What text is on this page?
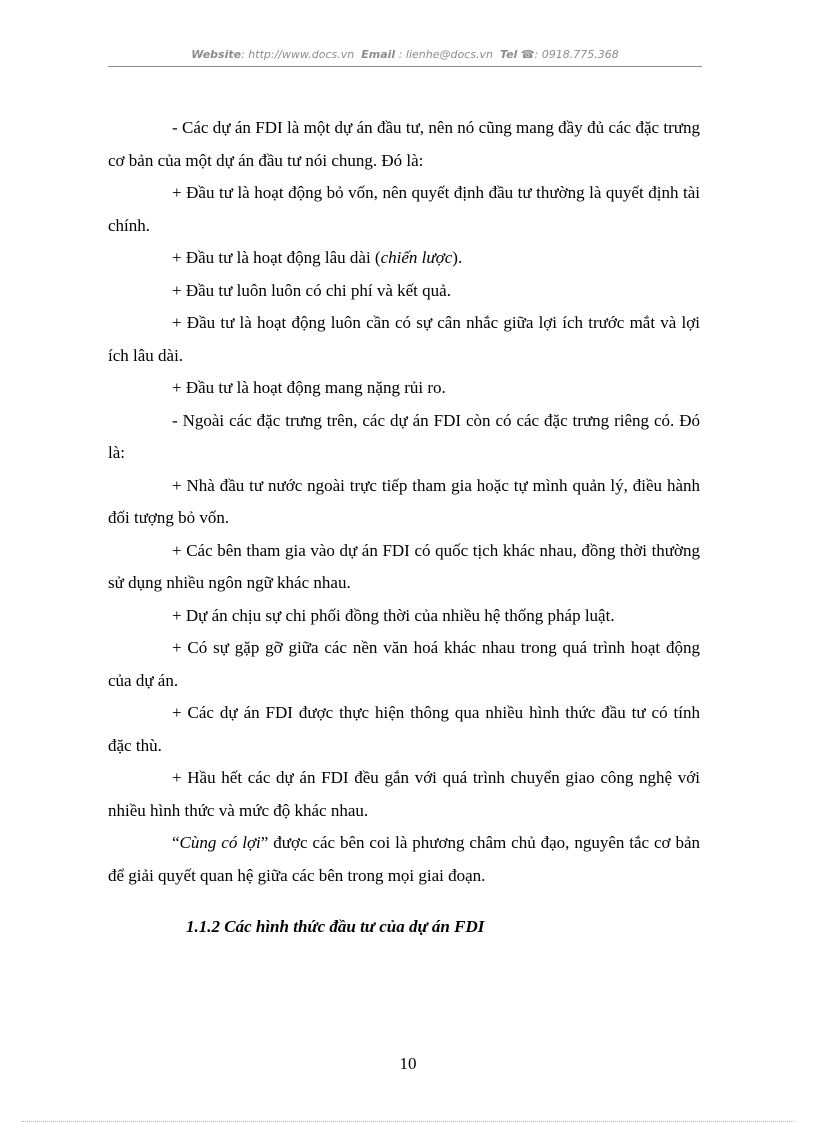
Website: http://www.docs.vn Email : lienhe@docs.vn Tel ☎: 0918.775.368

- Các dự án FDI là một dự án đầu tư, nên nó cũng mang đầy đủ các đặc trưng cơ bản của một dự án đầu tư nói chung. Đó là:

+ Đầu tư là hoạt động bỏ vốn, nên quyết định đầu tư thường là quyết định tài chính.

+ Đầu tư là hoạt động lâu dài (chiến lược).

+ Đầu tư luôn luôn có chi phí và kết quả.

+ Đầu tư là hoạt động luôn cần có sự cân nhắc giữa lợi ích trước mắt và lợi ích lâu dài.

+ Đầu tư là hoạt động mang nặng rủi ro.

- Ngoài các đặc trưng trên, các dự án FDI còn có các đặc trưng riêng có. Đó là:

+ Nhà đầu tư nước ngoài trực tiếp tham gia hoặc tự mình quản lý, điều hành đối tượng bỏ vốn.

+ Các bên tham gia vào dự án FDI có quốc tịch khác nhau, đồng thời thường sử dụng nhiều ngôn ngữ khác nhau.

+ Dự án chịu sự chi phối đồng thời của nhiều hệ thống pháp luật.

+ Có sự gặp gỡ giữa các nền văn hoá khác nhau trong quá trình hoạt động của dự án.

+ Các dự án FDI được thực hiện thông qua nhiều hình thức đầu tư có tính đặc thù.

+ Hầu hết các dự án FDI đều gắn với quá trình chuyển giao công nghệ với nhiều hình thức và mức độ khác nhau.

“Cùng có lợi” được các bên coi là phương châm chủ đạo, nguyên tắc cơ bản để giải quyết quan hệ giữa các bên trong mọi giai đoạn.

1.1.2 Các hình thức đầu tư của dự án FDI
10
